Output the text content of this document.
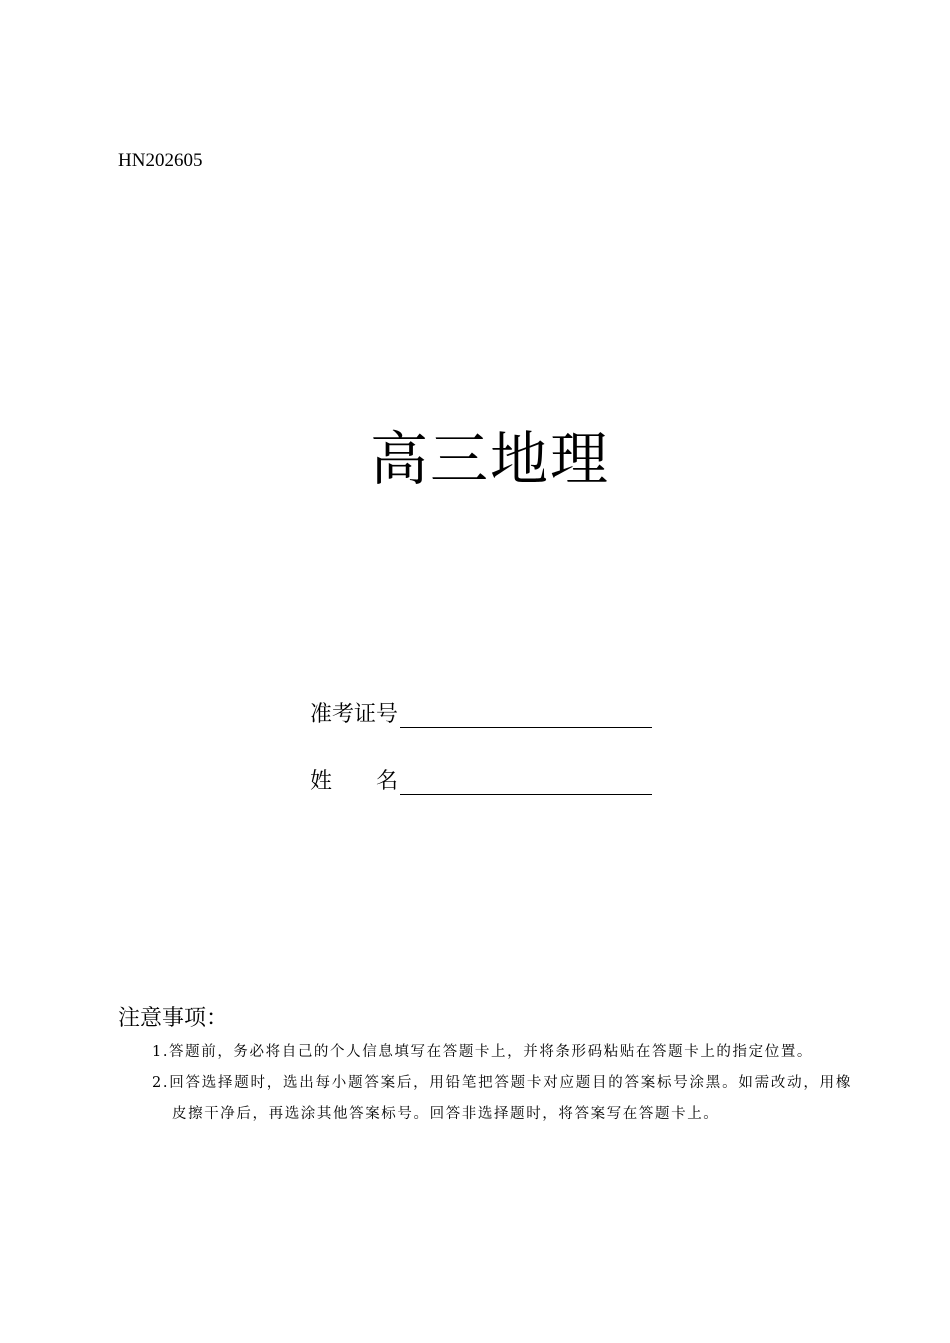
HN202605
高三地理
准考证号
姓　　名
注意事项：
1.答题前，务必将自己的个人信息填写在答题卡上，并将条形码粘贴在答题卡上的指定位置。
2.回答选择题时，选出每小题答案后，用铅笔把答题卡对应题目的答案标号涂黑。如需改动，用橡皮擦干净后，再选涂其他答案标号。回答非选择题时，将答案写在答题卡上。
